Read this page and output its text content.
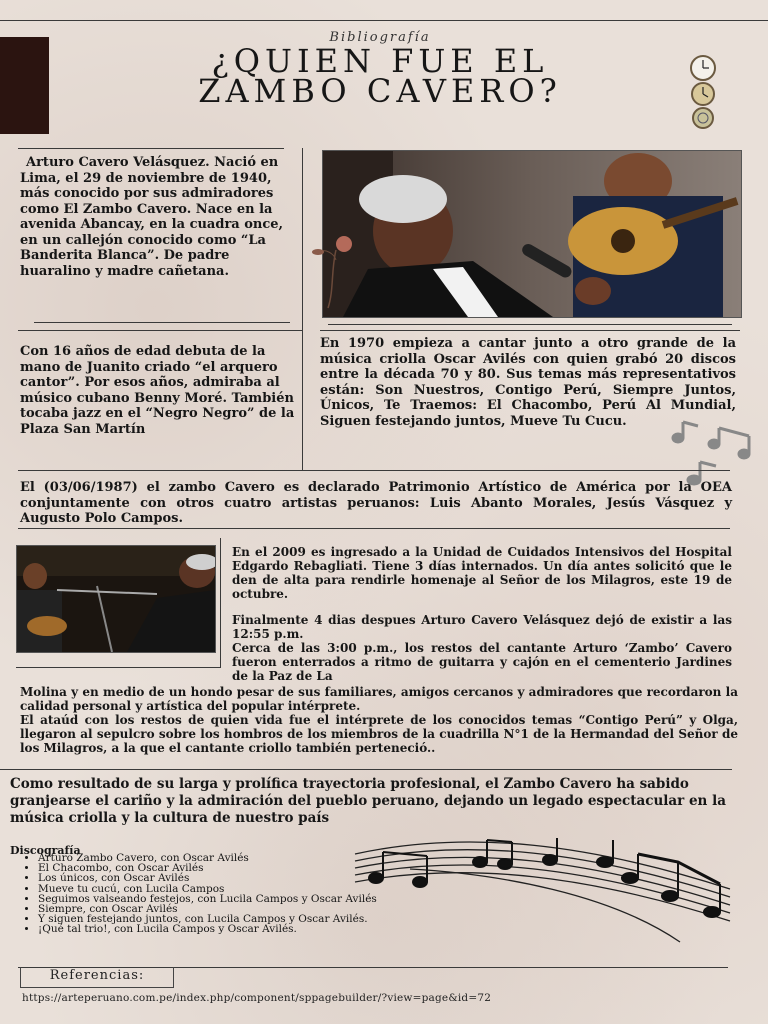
Bibliografía
¿QUIEN FUE EL
ZAMBO CAVERO?
Arturo Cavero Velásquez. Nació en Lima, el 29 de noviembre de 1940, más conocido por sus admiradores como El Zambo Cavero. Nace en la avenida Abancay, en la cuadra once, en un callejón conocido como “La Banderita Blanca”. De padre huaralino y madre cañetana.
Con 16 años de edad debuta de la mano de Juanito criado “el arquero cantor”. Por esos años, admiraba al músico cubano Benny Moré. También tocaba jazz en el “Negro Negro” de la Plaza San Martín
En 1970 empieza a cantar junto a otro grande de la música criolla Oscar Avilés con quien grabó 20 discos entre la década 70 y 80. Sus temas más representativos están: Son Nuestros, Contigo Perú, Siempre Juntos, Únicos, Te Traemos: El Chacombo, Perú Al Mundial, Siguen festejando juntos, Mueve Tu Cucu.
El (03/06/1987) el zambo Cavero es declarado Patrimonio Artístico de América por la OEA conjuntamente con otros cuatro artistas peruanos: Luis Abanto Morales, Jesús Vásquez y Augusto Polo Campos.
En el 2009 es ingresado a la Unidad de Cuidados Intensivos del Hospital Edgardo Rebagliati. Tiene 3 días internados. Un día antes solicitó que le den de alta para rendirle homenaje al Señor de los Milagros, este 19 de octubre.
Finalmente 4 dias despues Arturo Cavero Velásquez dejó de existir a las 12:55 p.m.
Cerca de las 3:00 p.m., los restos del cantante Arturo ‘Zambo’ Cavero fueron enterrados a ritmo de guitarra y cajón en el cementerio Jardines de la Paz de La
Molina y en medio de un hondo pesar de sus familiares, amigos cercanos y admiradores que recordaron la calidad personal y artística del popular intérprete.
El ataúd con los restos de quien vida fue el intérprete de los conocidos temas “Contigo Perú” y Olga, llegaron al sepulcro sobre los hombros de los miembros de la cuadrilla N°1 de la Hermandad del Señor de los Milagros, a la que el cantante criollo también perteneció..
Como resultado de su larga y prolífica trayectoria profesional, el Zambo Cavero ha sabido granjearse el cariño y la admiración del pueblo peruano, dejando un legado espectacular en la música criolla y la cultura de nuestro país
Discografía
• Arturo Zambo Cavero, con Oscar Avilés
• El Chacombo, con Oscar Avilés
• Los únicos, con Oscar Avilés
• Mueve tu cucú, con Lucila Campos
• Seguimos valseando festejos, con Lucila Campos y Oscar Avilés
• Siempre, con Oscar Avilés
• Y siguen festejando juntos, con Lucila Campos y Oscar Avilés.
• ¡Qué tal trio!, con Lucila Campos y Oscar Avilés.
Referencias:
https://arteperuano.com.pe/index.php/component/sppagebuilder/?view=page&id=72
